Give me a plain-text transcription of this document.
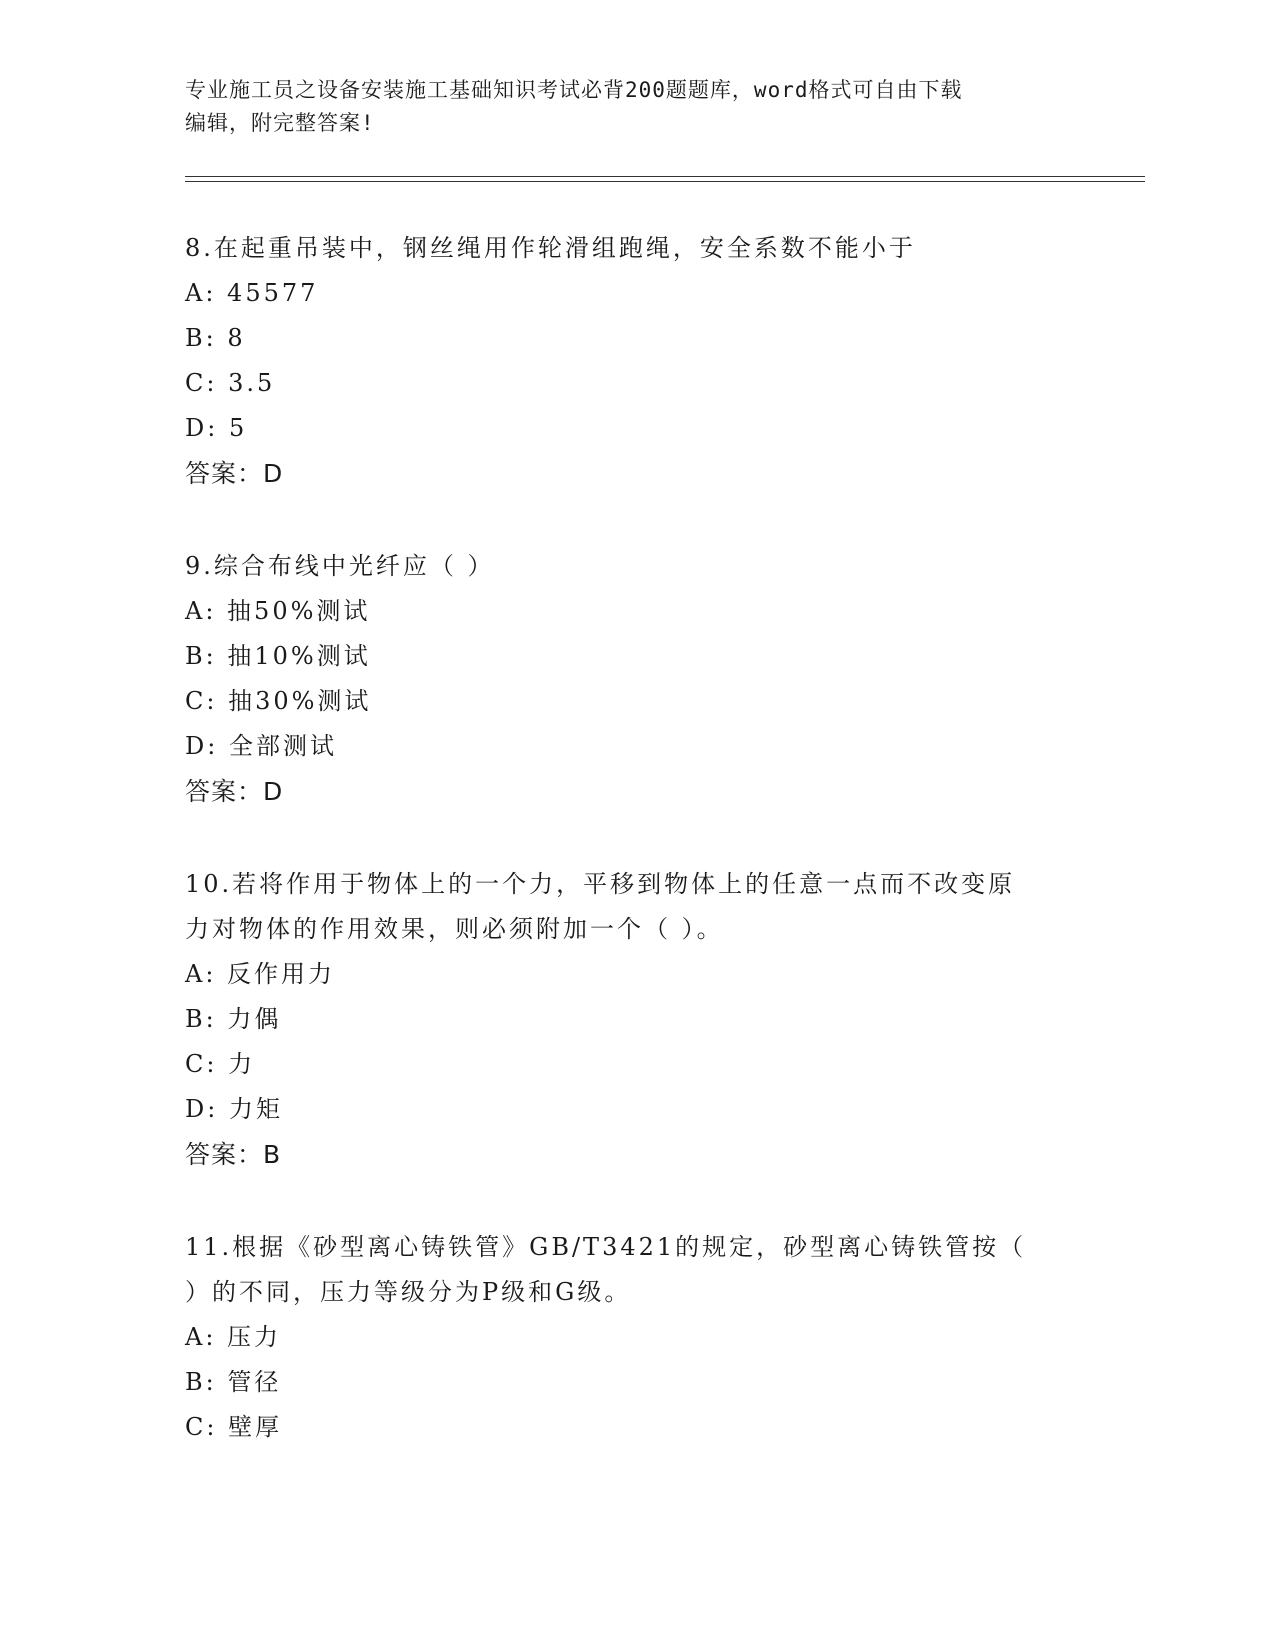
专业施工员之设备安装施工基础知识考试必背200题题库，word格式可自由下载
编辑，附完整答案!

8.在起重吊装中，钢丝绳用作轮滑组跑绳，安全系数不能小于

A: 45577

B: 8

C: 3.5

D: 5

答案：D

9.综合布线中光纤应（ ）

A: 抽50%测试

B: 抽10%测试

C: 抽30%测试

D: 全部测试

答案：D

10.若将作用于物体上的一个力，平移到物体上的任意一点而不改变原

力对物体的作用效果，则必须附加一个（ ）。

A: 反作用力

B: 力偶

C: 力

D: 力矩

答案：B

11.根据《砂型离心铸铁管》GB/T3421的规定，砂型离心铸铁管按（

）的不同，压力等级分为P级和G级。

A: 压力

B: 管径

C: 壁厚
